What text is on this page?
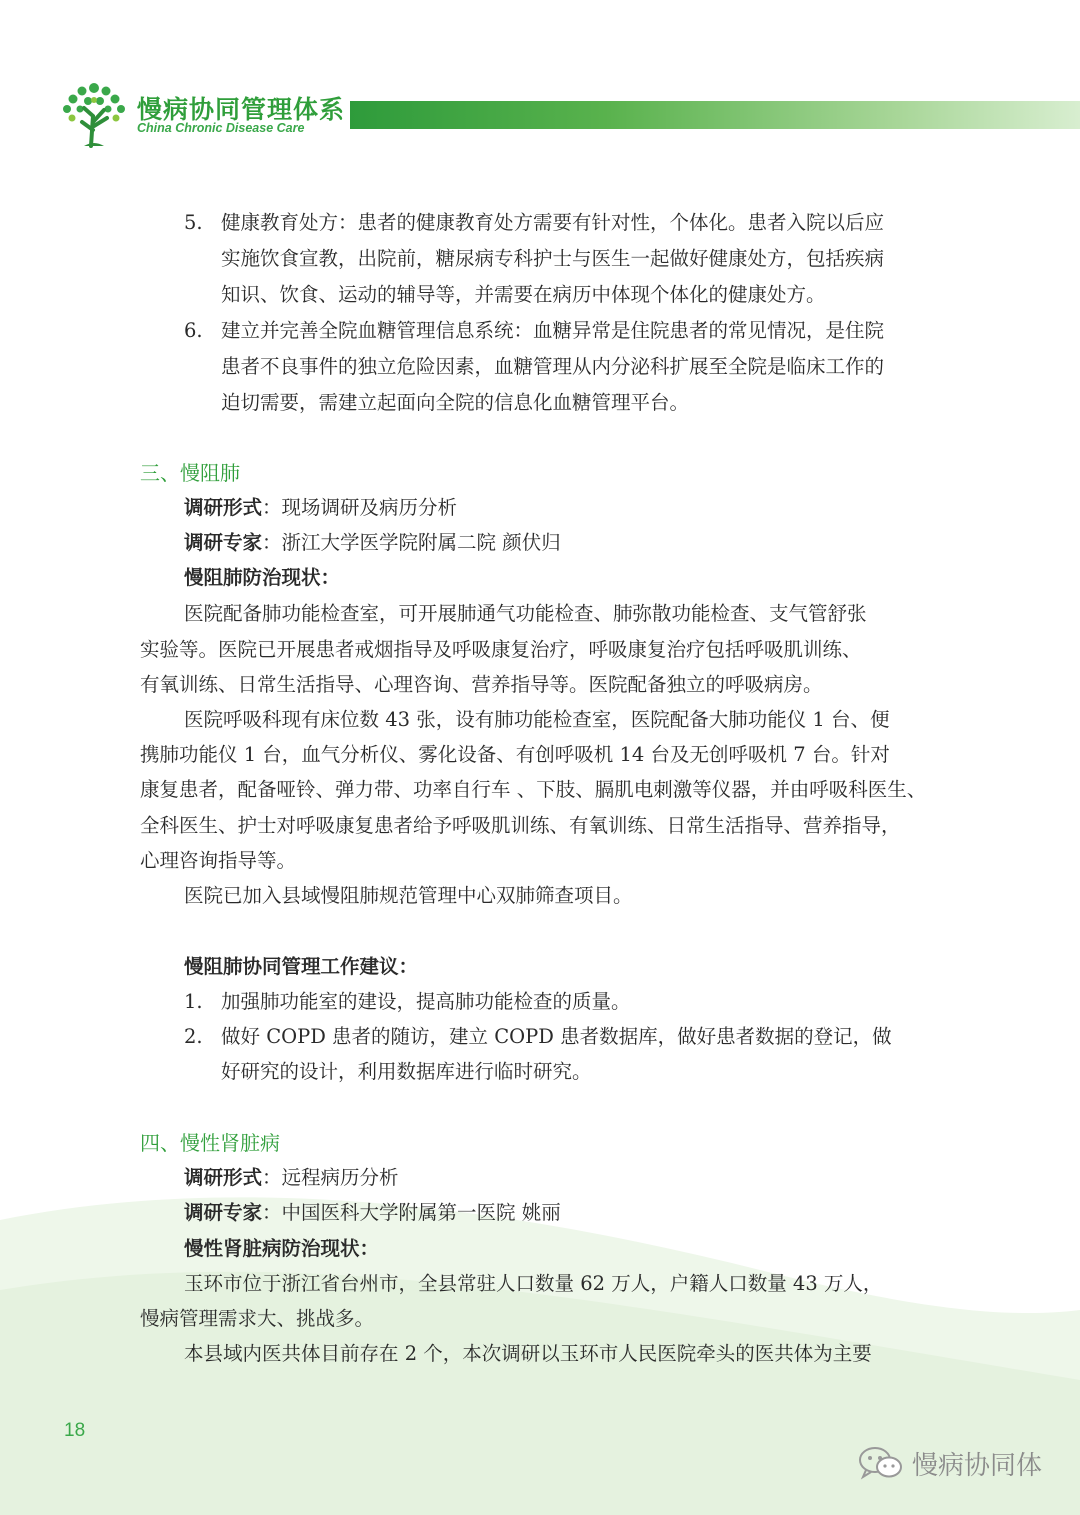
慢病协同管理体系
China Chronic Disease Care
5. 健康教育处方：患者的健康教育处方需要有针对性，个体化。患者入院以后应
实施饮食宣教，出院前，糖尿病专科护士与医生一起做好健康处方，包括疾病
知识、饮食、运动的辅导等，并需要在病历中体现个体化的健康处方。
6. 建立并完善全院血糖管理信息系统：血糖异常是住院患者的常见情况，是住院
患者不良事件的独立危险因素，血糖管理从内分泌科扩展至全院是临床工作的
迫切需要，需建立起面向全院的信息化血糖管理平台。
三、慢阻肺
调研形式：现场调研及病历分析
调研专家：浙江大学医学院附属二院 颜伏归
慢阻肺防治现状：
医院配备肺功能检查室，可开展肺通气功能检查、肺弥散功能检查、支气管舒张
实验等。医院已开展患者戒烟指导及呼吸康复治疗，呼吸康复治疗包括呼吸肌训练、
有氧训练、日常生活指导、心理咨询、营养指导等。医院配备独立的呼吸病房。
医院呼吸科现有床位数 43 张，设有肺功能检查室，医院配备大肺功能仪 1 台、便
携肺功能仪 1 台，血气分析仪、雾化设备、有创呼吸机 14 台及无创呼吸机 7 台。针对
康复患者，配备哑铃、弹力带、功率自行车 、下肢、膈肌电刺激等仪器，并由呼吸科医生、
全科医生、护士对呼吸康复患者给予呼吸肌训练、有氧训练、日常生活指导、营养指导，
心理咨询指导等。
医院已加入县域慢阻肺规范管理中心双肺筛查项目。
慢阻肺协同管理工作建议：
1. 加强肺功能室的建设，提高肺功能检查的质量。
2. 做好 COPD 患者的随访，建立 COPD 患者数据库，做好患者数据的登记，做
好研究的设计，利用数据库进行临时研究。
四、慢性肾脏病
调研形式：远程病历分析
调研专家：中国医科大学附属第一医院 姚丽
慢性肾脏病防治现状：
玉环市位于浙江省台州市，全县常驻人口数量 62 万人，户籍人口数量 43 万人，
慢病管理需求大、挑战多。
本县域内医共体目前存在 2 个，本次调研以玉环市人民医院牵头的医共体为主要
18
慢病协同体
